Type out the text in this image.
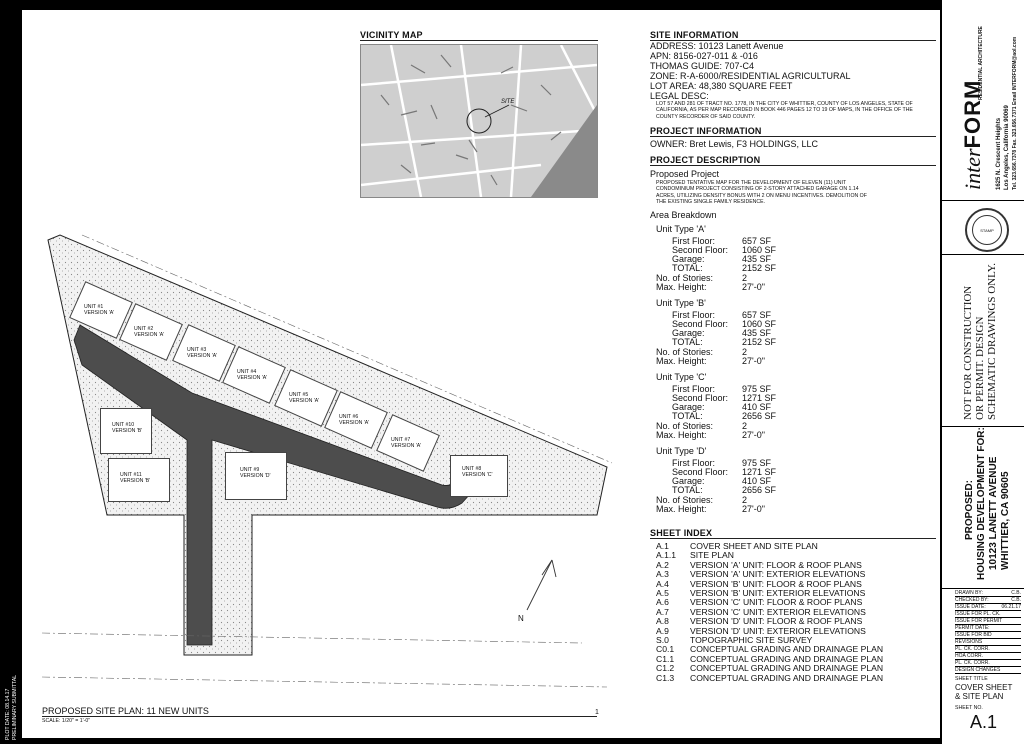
VICINITY MAP
SITE
SITE INFORMATION
ADDRESS: 10123 Lanett Avenue
APN: 8156-027-011 & -016
THOMAS GUIDE: 707-C4
ZONE: R-A-6000/RESIDENTIAL AGRICULTURAL
LOT AREA: 48,380 SQUARE FEET
LEGAL DESC:
LOT 57 AND 281 OF TRACT NO. 1778, IN THE CITY OF WHITTIER, COUNTY OF LOS ANGELES, STATE OF CALIFORNIA, AS PER MAP RECORDED IN BOOK 446 PAGES 12 TO 19 OF MAPS, IN THE OFFICE OF THE COUNTY RECORDER OF SAID COUNTY.
PROJECT INFORMATION
OWNER: Bret Lewis, F3 HOLDINGS, LLC
PROJECT DESCRIPTION
Proposed Project
PROPOSED TENTATIVE MAP FOR THE DEVELOPMENT OF ELEVEN (11) UNIT CONDOMINIUM PROJECT CONSISTING OF 2-STORY ATTACHED GARAGE ON 1.14 ACRES, UTILIZING DENSITY BONUS WITH 2 ON MENU INCENTIVES. DEMOLITION OF THE EXISTING SINGLE FAMILY RESIDENCE.
Area Breakdown
Unit Type 'A'
First Floor:	657 SF
Second Floor: 1060 SF
Garage:	435 SF
TOTAL:	2152 SF
No. of Stories:	2
Max. Height:	27'-0"
Unit Type 'B'
First Floor:	657 SF
Second Floor: 1060 SF
Garage:	435 SF
TOTAL:	2152 SF
No. of Stories:	2
Max. Height:	27'-0"
Unit Type 'C'
First Floor:	975 SF
Second Floor: 1271 SF
Garage:	410 SF
TOTAL:	2656 SF
No. of Stories:	2
Max. Height:	27'-0"
Unit Type 'D'
First Floor:	975 SF
Second Floor: 1271 SF
Garage:	410 SF
TOTAL:	2656 SF
No. of Stories:	2
Max. Height:	27'-0"
SHEET INDEX
A.1 COVER SHEET AND SITE PLAN
A.1.1 SITE PLAN
A.2 VERSION 'A' UNIT: FLOOR & ROOF PLANS
A.3 VERSION 'A' UNIT: EXTERIOR ELEVATIONS
A.4 VERSION 'B' UNIT: FLOOR & ROOF PLANS
A.5 VERSION 'B' UNIT: EXTERIOR ELEVATIONS
A.6 VERSION 'C' UNIT: FLOOR & ROOF PLANS
A.7 VERSION 'C' UNIT: EXTERIOR ELEVATIONS
A.8 VERSION 'D' UNIT: FLOOR & ROOF PLANS
A.9 VERSION 'D' UNIT: EXTERIOR ELEVATIONS
S.0 TOPOGRAPHIC SITE SURVEY
C0.1 CONCEPTUAL GRADING AND DRAINAGE PLAN
C1.1 CONCEPTUAL GRADING AND DRAINAGE PLAN
C1.2 CONCEPTUAL GRADING AND DRAINAGE PLAN
C1.3 CONCEPTUAL GRADING AND DRAINAGE PLAN
UNIT #1
VERSION 'A'
UNIT #2
VERSION 'A'
UNIT #3
VERSION 'A'
UNIT #4
VERSION 'A'
UNIT #5
VERSION 'A'
UNIT #6
VERSION 'A'
UNIT #7
VERSION 'A'
UNIT #8
VERSION 'C'
UNIT #9
VERSION 'D'
UNIT #10
VERSION 'B'
UNIT #11
VERSION 'B'
N
PROPOSED SITE PLAN: 11 NEW UNITS
SCALE: 1/20" = 1'-0"
1
PLOT DATE: 08.14.17 PRELIMINARY SUBMITTAL
interFORM
RESIDENTIAL ARCHITECTURE
1625 N. Crescent Heights Los Angeles, California 90069 Tel. 323.656.7378 Fax. 323.656.7371 Email INTERFORM@aol.com
STAMP
NOT FOR CONSTRUCTION OR PERMIT. DESIGN SCHEMATIC DRAWINGS ONLY.
PROPOSED: HOUSING DEVELOPMENT FOR: 10123 LANETT AVENUE WHITTIER, CA 90605
DRAWN BY:	C.B.
CHECKED BY:	C.B.
ISSUE DATE:	06.21.17
ISSUE FOR PL. CK.
ISSUE FOR PERMIT
PERMIT DATE:
ISSUE FOR BID
REVISIONS
PL. CK. CORR.
HOA CORR.
PL. CK. CORR.
DESIGN CHANGES
SHEET TITLE
COVER SHEET
& SITE PLAN
SHEET NO.
A.1
